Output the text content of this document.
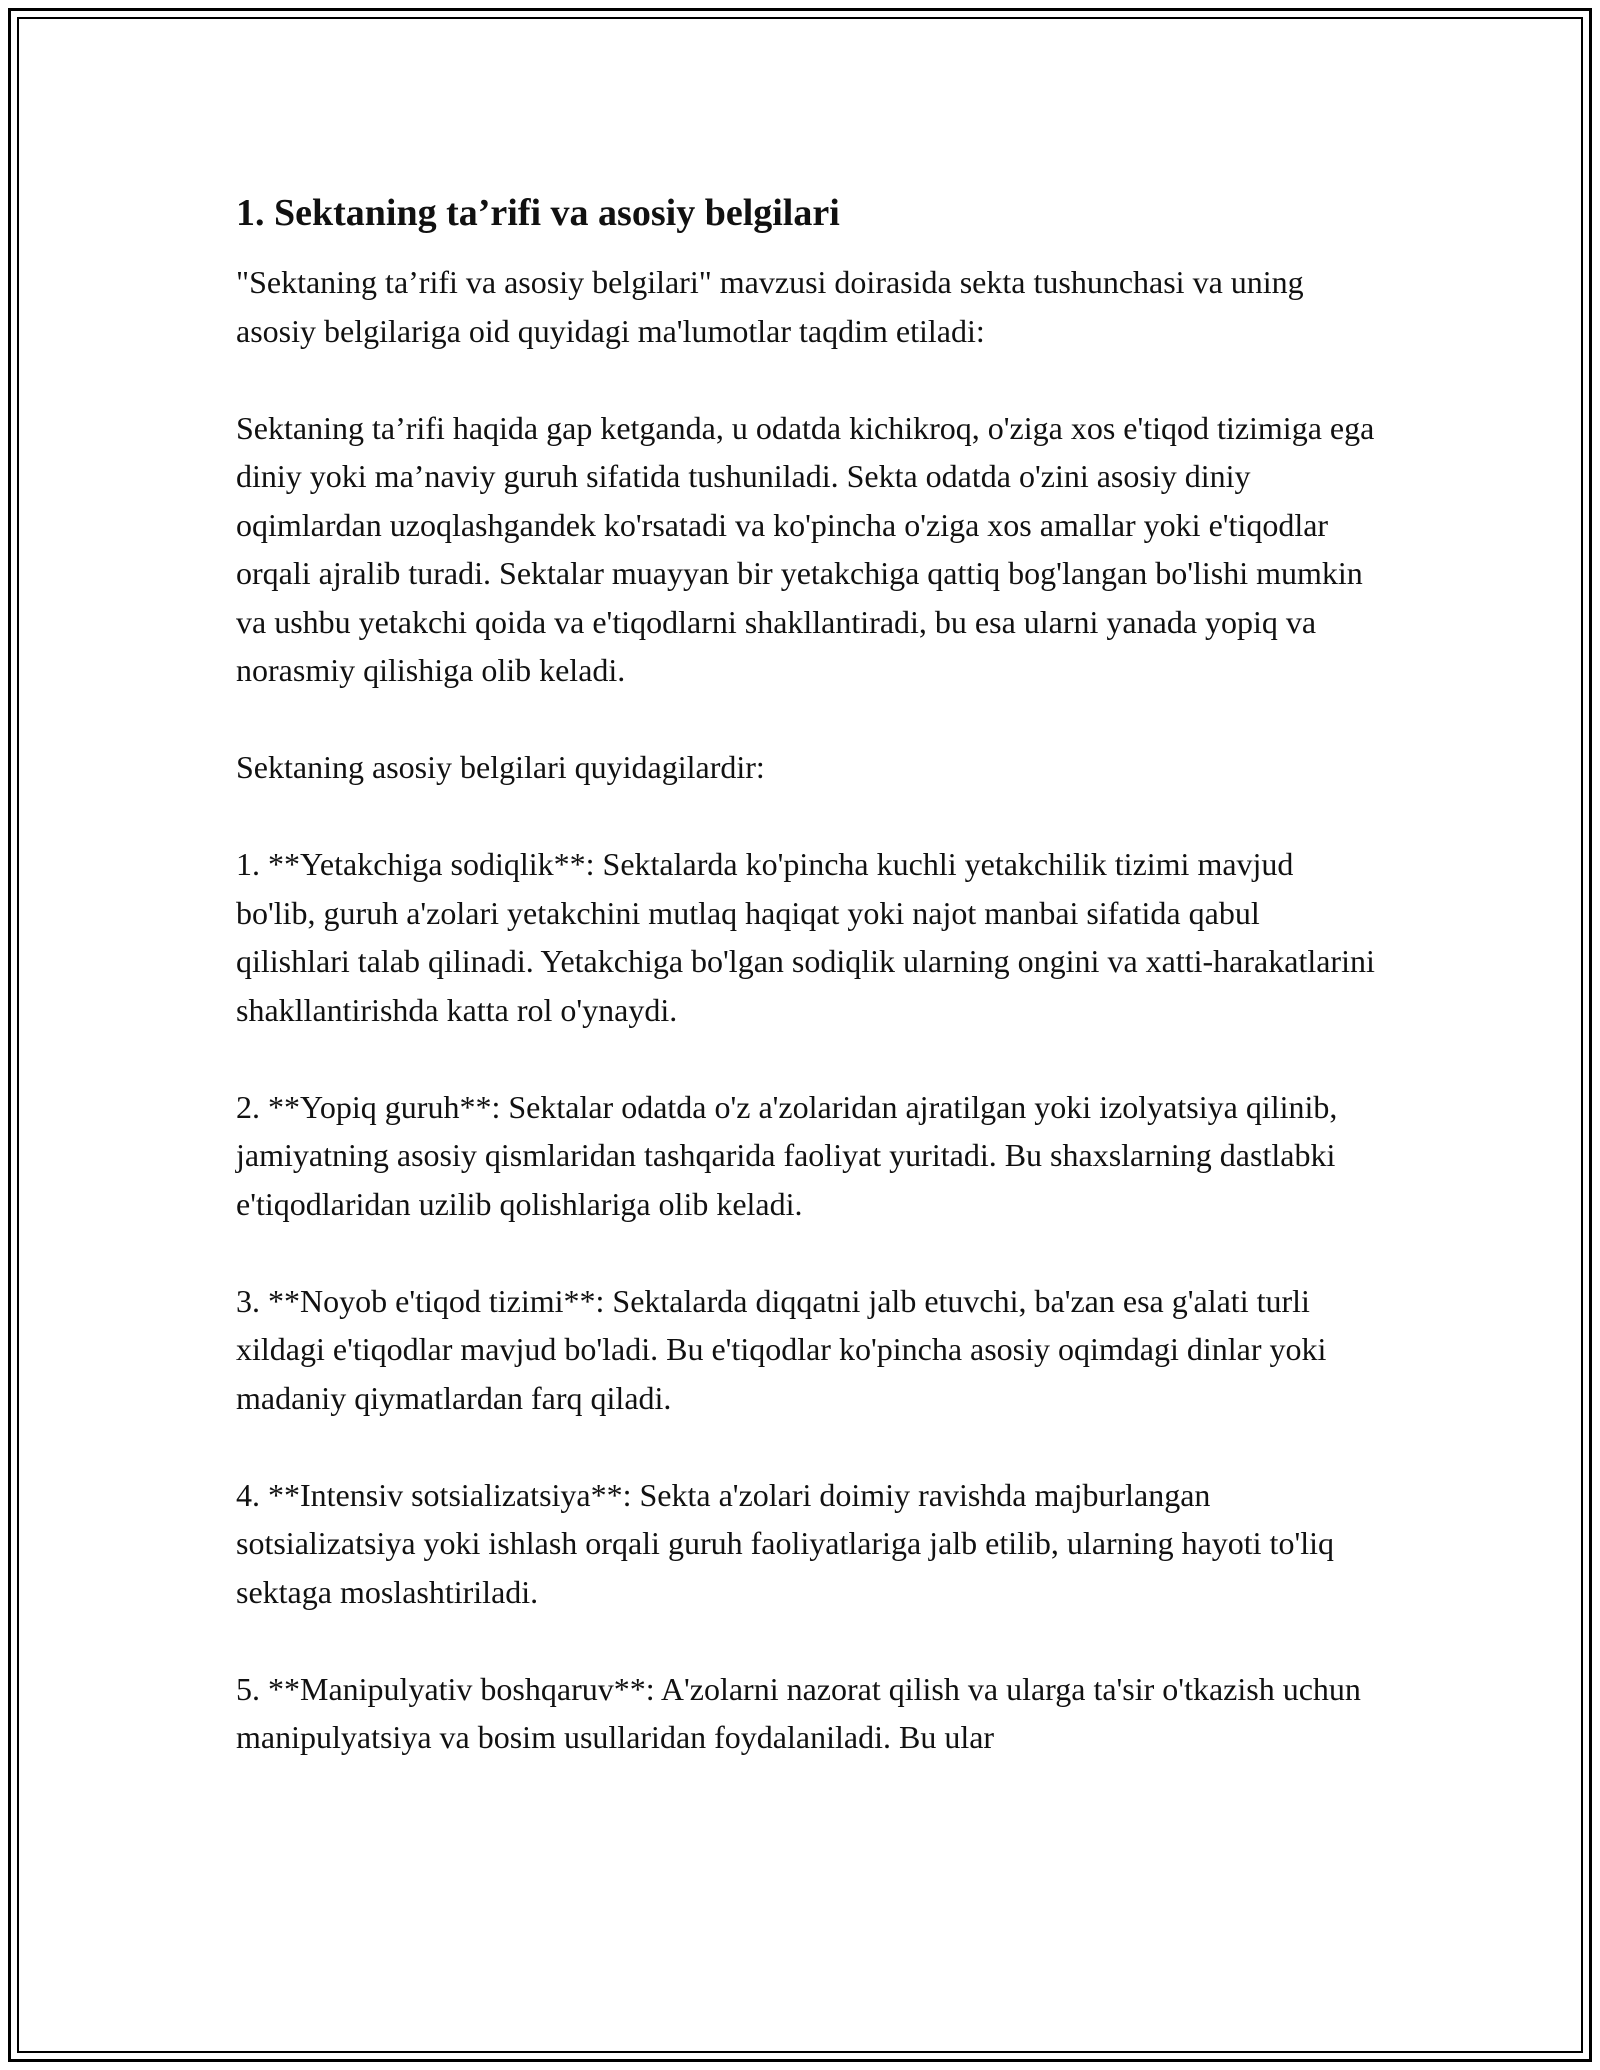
1. Sektaning ta’rifi va asosiy belgilari

"Sektaning ta’rifi va asosiy belgilari" mavzusi doirasida sekta tushunchasi va uning asosiy belgilariga oid quyidagi ma'lumotlar taqdim etiladi:

Sektaning ta’rifi haqida gap ketganda, u odatda kichikroq, o'ziga xos e'tiqod tizimiga ega diniy yoki ma’naviy guruh sifatida tushuniladi. Sekta odatda o'zini asosiy diniy oqimlardan uzoqlashgandek ko'rsatadi va ko'pincha o'ziga xos amallar yoki e'tiqodlar orqali ajralib turadi. Sektalar muayyan bir yetakchiga qattiq bog'langan bo'lishi mumkin va ushbu yetakchi qoida va e'tiqodlarni shakllantiradi, bu esa ularni yanada yopiq va norasmiy qilishiga olib keladi.

Sektaning asosiy belgilari quyidagilardir:

1. **Yetakchiga sodiqlik**: Sektalarda ko'pincha kuchli yetakchilik tizimi mavjud bo'lib, guruh a'zolari yetakchini mutlaq haqiqat yoki najot manbai sifatida qabul qilishlari talab qilinadi. Yetakchiga bo'lgan sodiqlik ularning ongini va xatti-harakatlarini shakllantirishda katta rol o'ynaydi.

2. **Yopiq guruh**: Sektalar odatda o'z a'zolaridan ajratilgan yoki izolyatsiya qilinib, jamiyatning asosiy qismlaridan tashqarida faoliyat yuritadi. Bu shaxslarning dastlabki e'tiqodlaridan uzilib qolishlariga olib keladi.

3. **Noyob e'tiqod tizimi**: Sektalarda diqqatni jalb etuvchi, ba'zan esa g'alati turli xildagi e'tiqodlar mavjud bo'ladi. Bu e'tiqodlar ko'pincha asosiy oqimdagi dinlar yoki madaniy qiymatlardan farq qiladi.

4. **Intensiv sotsializatsiya**: Sekta a'zolari doimiy ravishda majburlangan sotsializatsiya yoki ishlash orqali guruh faoliyatlariga jalb etilib, ularning hayoti to'liq sektaga moslashtiriladi.

5. **Manipulyativ boshqaruv**: A'zolarni nazorat qilish va ularga ta'sir o'tkazish uchun manipulyatsiya va bosim usullaridan foydalaniladi. Bu ular
